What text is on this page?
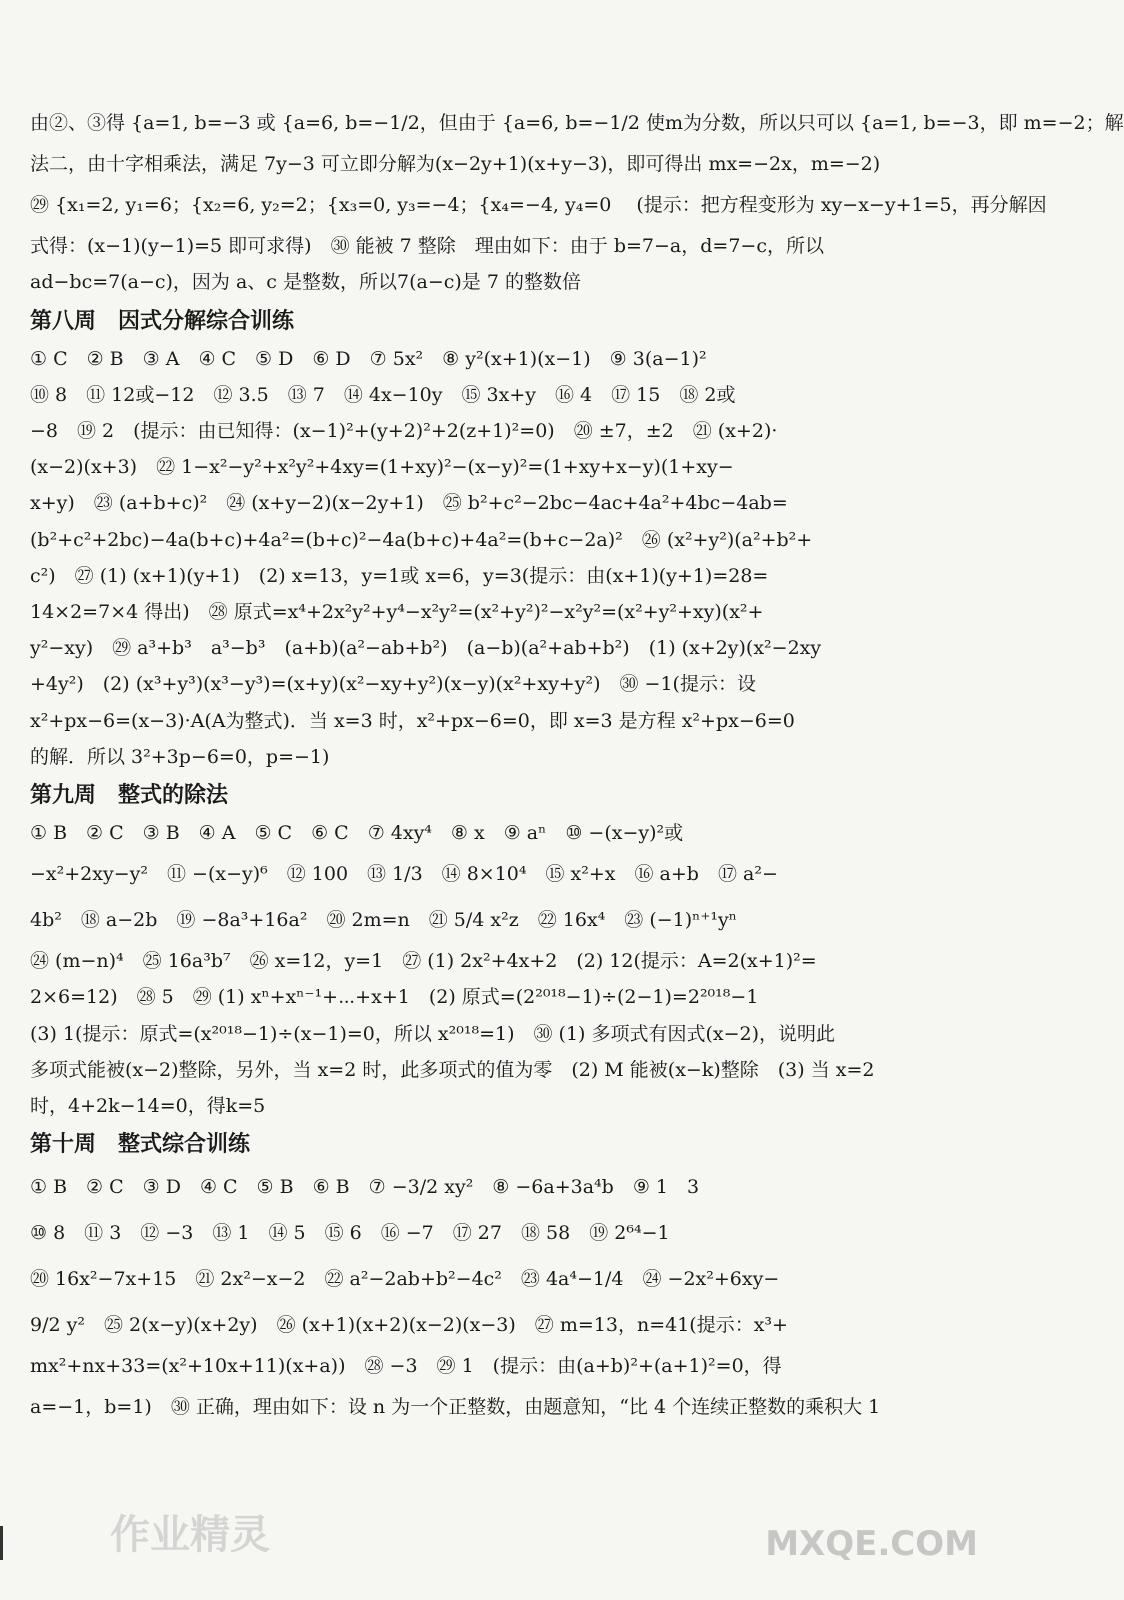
由②、③得 {a=1, b=−3 或 {a=6, b=−1/2，但由于 {a=6, b=−1/2 使m为分数，所以只可以 {a=1, b=−3，即 m=−2；解
法二，由十字相乘法，满足 7y−3 可立即分解为(x−2y+1)(x+y−3)，即可得出 mx=−2x，m=−2)
㉙ {x₁=2, y₁=6；{x₂=6, y₂=2；{x₃=0, y₃=−4；{x₄=−4, y₄=0 　(提示：把方程变形为 xy−x−y+1=5，再分解因
式得：(x−1)(y−1)=5 即可求得)　㉚ 能被 7 整除　理由如下：由于 b=7−a，d=7−c，所以
ad−bc=7(a−c)，因为 a、c 是整数，所以7(a−c)是 7 的整数倍
第八周　因式分解综合训练
① C　② B　③ A　④ C　⑤ D　⑥ D　⑦ 5x²　⑧ y²(x+1)(x−1)　⑨ 3(a−1)²
⑩ 8　⑪ 12或−12　⑫ 3.5　⑬ 7　⑭ 4x−10y　⑮ 3x+y　⑯ 4　⑰ 15　⑱ 2或
−8　⑲ 2　(提示：由已知得：(x−1)²+(y+2)²+2(z+1)²=0)　⑳ ±7，±2　㉑ (x+2)·
(x−2)(x+3)　㉒ 1−x²−y²+x²y²+4xy=(1+xy)²−(x−y)²=(1+xy+x−y)(1+xy−
x+y)　㉓ (a+b+c)²　㉔ (x+y−2)(x−2y+1)　㉕ b²+c²−2bc−4ac+4a²+4bc−4ab=
(b²+c²+2bc)−4a(b+c)+4a²=(b+c)²−4a(b+c)+4a²=(b+c−2a)²　㉖ (x²+y²)(a²+b²+
c²)　㉗ (1) (x+1)(y+1)　(2) x=13，y=1或 x=6，y=3(提示：由(x+1)(y+1)=28=
14×2=7×4 得出)　㉘ 原式=x⁴+2x²y²+y⁴−x²y²=(x²+y²)²−x²y²=(x²+y²+xy)(x²+
y²−xy)　㉙ a³+b³　a³−b³　(a+b)(a²−ab+b²)　(a−b)(a²+ab+b²)　(1) (x+2y)(x²−2xy
+4y²)　(2) (x³+y³)(x³−y³)=(x+y)(x²−xy+y²)(x−y)(x²+xy+y²)　㉚ −1(提示：设
x²+px−6=(x−3)·A(A为整式)．当 x=3 时，x²+px−6=0，即 x=3 是方程 x²+px−6=0
的解．所以 3²+3p−6=0，p=−1)
第九周　整式的除法
① B　② C　③ B　④ A　⑤ C　⑥ C　⑦ 4xy⁴　⑧ x　⑨ aⁿ　⑩ −(x−y)²或
−x²+2xy−y²　⑪ −(x−y)⁶　⑫ 100　⑬ 1/3　⑭ 8×10⁴　⑮ x²+x　⑯ a+b　⑰ a²−
4b²　⑱ a−2b　⑲ −8a³+16a²　⑳ 2m=n　㉑ 5/4 x²z　㉒ 16x⁴　㉓ (−1)ⁿ⁺¹yⁿ
㉔ (m−n)⁴　㉕ 16a³b⁷　㉖ x=12，y=1　㉗ (1) 2x²+4x+2　(2) 12(提示：A=2(x+1)²=
2×6=12)　㉘ 5　㉙ (1) xⁿ+xⁿ⁻¹+⋯+x+1　(2) 原式=(2²⁰¹⁸−1)÷(2−1)=2²⁰¹⁸−1
(3) 1(提示：原式=(x²⁰¹⁸−1)÷(x−1)=0，所以 x²⁰¹⁸=1)　㉚ (1) 多项式有因式(x−2)，说明此
多项式能被(x−2)整除，另外，当 x=2 时，此多项式的值为零　(2) M 能被(x−k)整除　(3) 当 x=2
时，4+2k−14=0，得k=5
第十周　整式综合训练
① B　② C　③ D　④ C　⑤ B　⑥ B　⑦ −3/2 xy²　⑧ −6a+3a⁴b　⑨ 1　3
⑩ 8　⑪ 3　⑫ −3　⑬ 1　⑭ 5　⑮ 6　⑯ −7　⑰ 27　⑱ 58　⑲ 2⁶⁴−1
⑳ 16x²−7x+15　㉑ 2x²−x−2　㉒ a²−2ab+b²−4c²　㉓ 4a⁴−1/4　㉔ −2x²+6xy−
9/2 y²　㉕ 2(x−y)(x+2y)　㉖ (x+1)(x+2)(x−2)(x−3)　㉗ m=13，n=41(提示：x³+
mx²+nx+33=(x²+10x+11)(x+a))　㉘ −3　㉙ 1　(提示：由(a+b)²+(a+1)²=0，得
a=−1，b=1)　㉚ 正确，理由如下：设 n 为一个正整数，由题意知，“比 4 个连续正整数的乘积大 1
作业精灵	MXQE.COM
